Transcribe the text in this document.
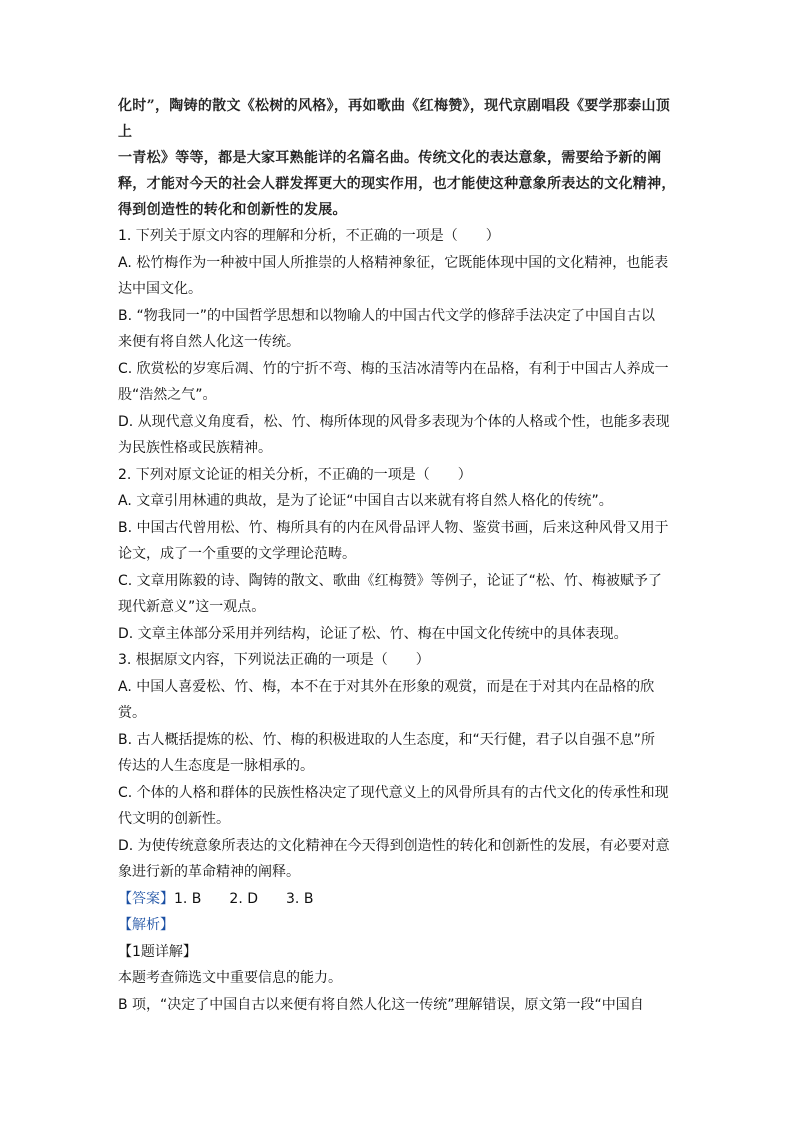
化时”，陶铸的散文《松树的风格》，再如歌曲《红梅赞》，现代京剧唱段《要学那泰山顶上

一青松》等等，都是大家耳熟能详的名篇名曲。传统文化的表达意象，需要给予新的阐

释，才能对今天的社会人群发挥更大的现实作用，也才能使这种意象所表达的文化精神，

得到创造性的转化和创新性的发展。

1. 下列关于原文内容的理解和分析，不正确的一项是（　　）

A. 松竹梅作为一种被中国人所推崇的人格精神象征，它既能体现中国的文化精神，也能表

达中国文化。

B. “物我同一”的中国哲学思想和以物喻人的中国古代文学的修辞手法决定了中国自古以

来便有将自然人化这一传统。

C. 欣赏松的岁寒后凋、竹的宁折不弯、梅的玉洁冰清等内在品格，有利于中国古人养成一

股“浩然之气”。

D. 从现代意义角度看，松、竹、梅所体现的风骨多表现为个体的人格或个性，也能多表现

为民族性格或民族精神。

2. 下列对原文论证的相关分析，不正确的一项是（　　）

A. 文章引用林逋的典故，是为了论证“中国自古以来就有将自然人格化的传统”。

B. 中国古代曾用松、竹、梅所具有的内在风骨品评人物、鉴赏书画，后来这种风骨又用于

论文，成了一个重要的文学理论范畴。

C. 文章用陈毅的诗、陶铸的散文、歌曲《红梅赞》等例子，论证了“松、竹、梅被赋予了

现代新意义”这一观点。

D. 文章主体部分采用并列结构，论证了松、竹、梅在中国文化传统中的具体表现。

3. 根据原文内容，下列说法正确的一项是（　　）

A. 中国人喜爱松、竹、梅，本不在于对其外在形象的观赏，而是在于对其内在品格的欣

赏。

B. 古人概括提炼的松、竹、梅的积极进取的人生态度，和“天行健，君子以自强不息”所

传达的人生态度是一脉相承的。

C. 个体的人格和群体的民族性格决定了现代意义上的风骨所具有的古代文化的传承性和现

代文明的创新性。

D. 为使传统意象所表达的文化精神在今天得到创造性的转化和创新性的发展，有必要对意

象进行新的革命精神的阐释。

【答案】1. B 2. D 3. B

【解析】

【1题详解】

本题考查筛选文中重要信息的能力。

B 项，“决定了中国自古以来便有将自然人化这一传统”理解错误，原文第一段“中国自
